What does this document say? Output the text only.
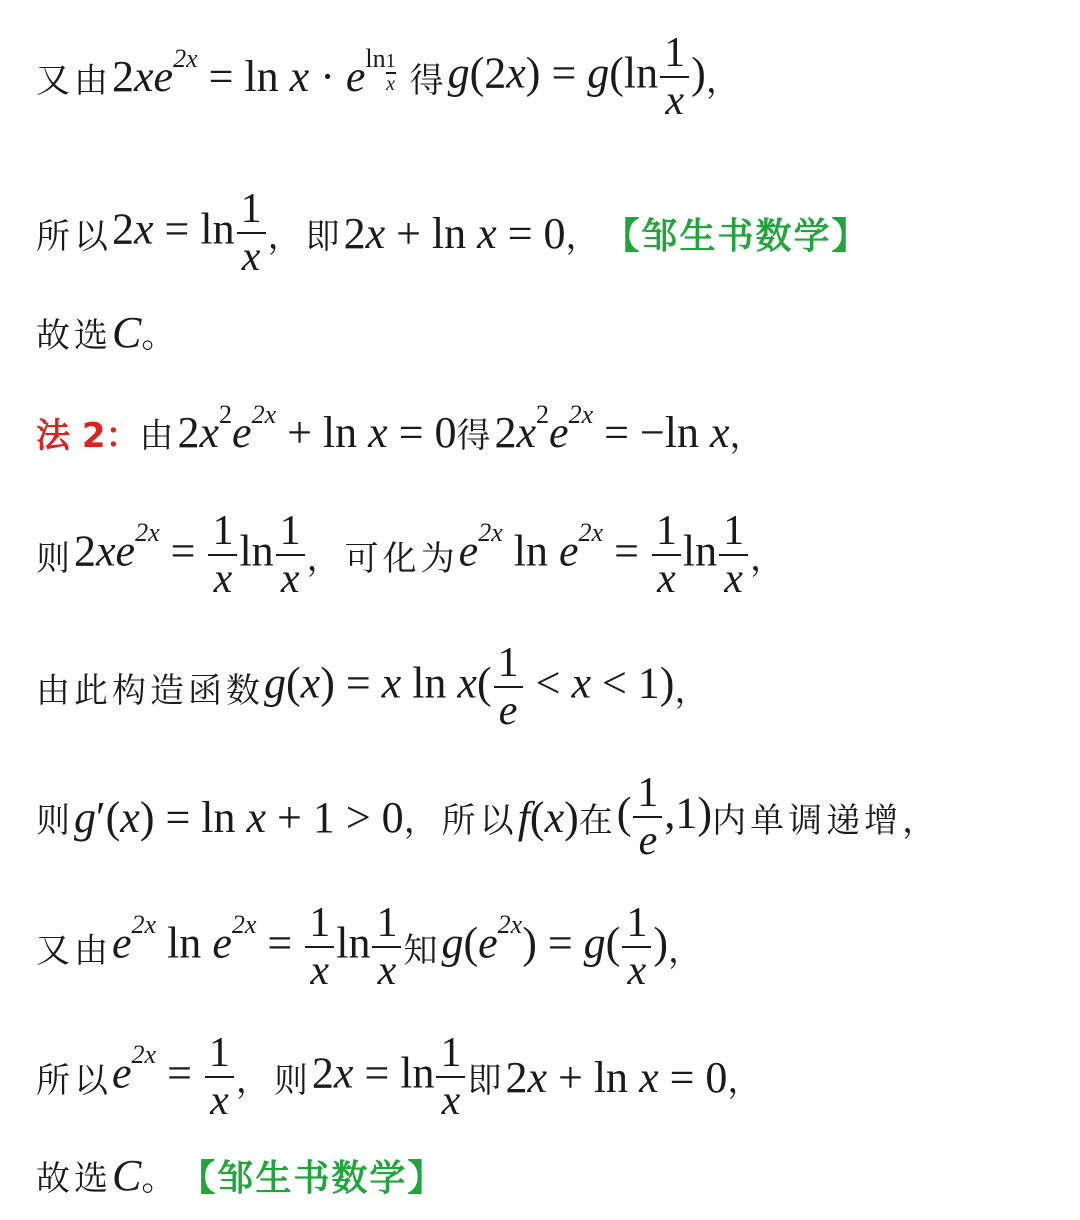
又由 $2xe^{2x} = \ln x \cdot e^{ln \frac{1}{x}}$ 得 $g(2x) = g(\ln \frac{1}{x}$ ) ，
所以 $2x = \ln \frac{1}{x}$ ，即 2x + ln x = 0 ， 【邹生书数学】
故选 C 。
法 2： 由 $2x^2e^{2x} + \ln x = 0$ 得 $2x^2e^{2x} = -\ln$ x ，
则 $2xe^{2x} = \frac{1}{x}$ $\ln \frac{1}{x}$ ，可化为 $e^{2x}$ $\ln e^{2x} = \frac{1}{x}$ $\ln \frac{1}{x}$ ，
由此构造函数 g(x) = x $\ln x( \frac{1}{e} < x < 1)$ ，
则 g′(x) = ln x + 1 > 0 ，所以 f(x) 在 ( $\frac{1}{e} ,1$) 内单调递增，
又由 $e^{2x}$ $\ln e^{2x} = \frac{1}{x}$ $\ln \frac{1}{x}$ 知 $g(e^{2x}) = g( \frac{1}{x}$ ) ，
所以 $e^{2x} = \frac{1}{x}$ ，则 $2x = \ln \frac{1}{x}$ 即 2x + ln x = 0 ，
故选 C 。 【邹生书数学】
